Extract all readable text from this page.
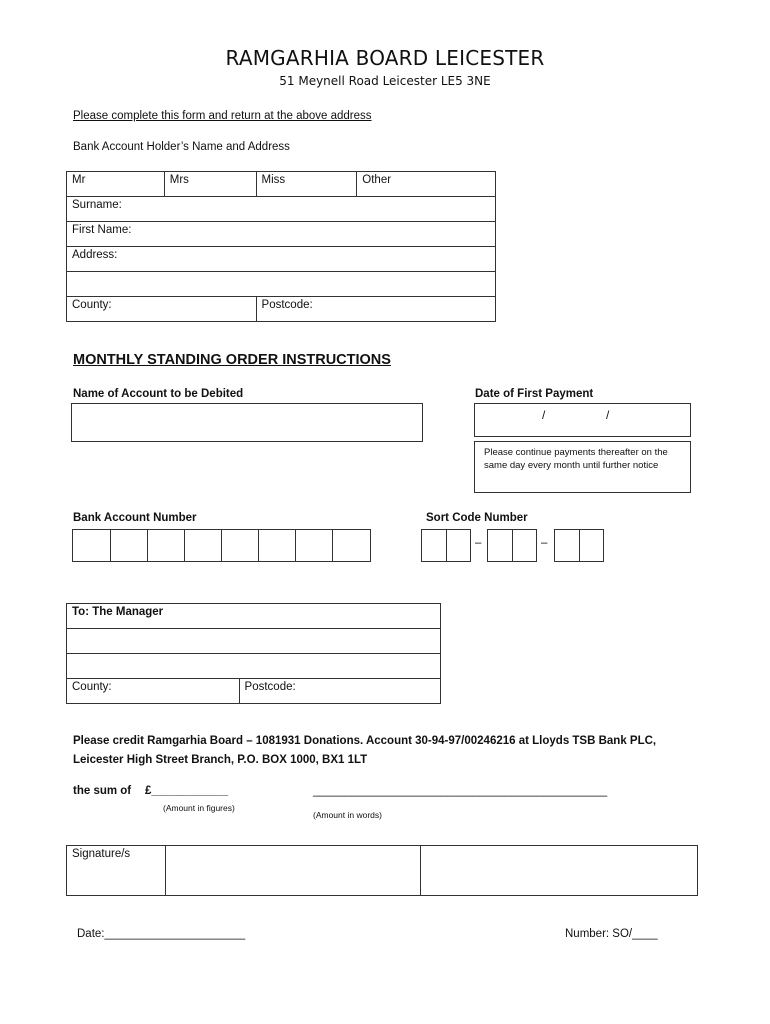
RAMGARHIA BOARD LEICESTER
51 Meynell Road Leicester LE5 3NE
Please complete this form and return at the above address
Bank Account Holder’s Name and Address
Mr	Mrs	Miss	Other
Surname:			
First Name:			
Address:			

County:		Postcode:	
MONTHLY STANDING ORDER INSTRUCTIONS
Name of Account to be Debited	Date of First Payment
/	/
Please continue payments thereafter on the same day every month until further notice
Bank Account Number	Sort Code Number
–	–
To: The Manager

County:	Postcode:
Please credit Ramgarhia Board – 1081931 Donations. Account 30-94-97/00246216 at Lloyds TSB Bank PLC,
Leicester High Street Branch, P.O. BOX 1000, BX1 1LT
the sum of £____________	______________________________________________
(Amount in figures)
(Amount in words)
Signature/s		
Date:______________________	Number: SO/____
